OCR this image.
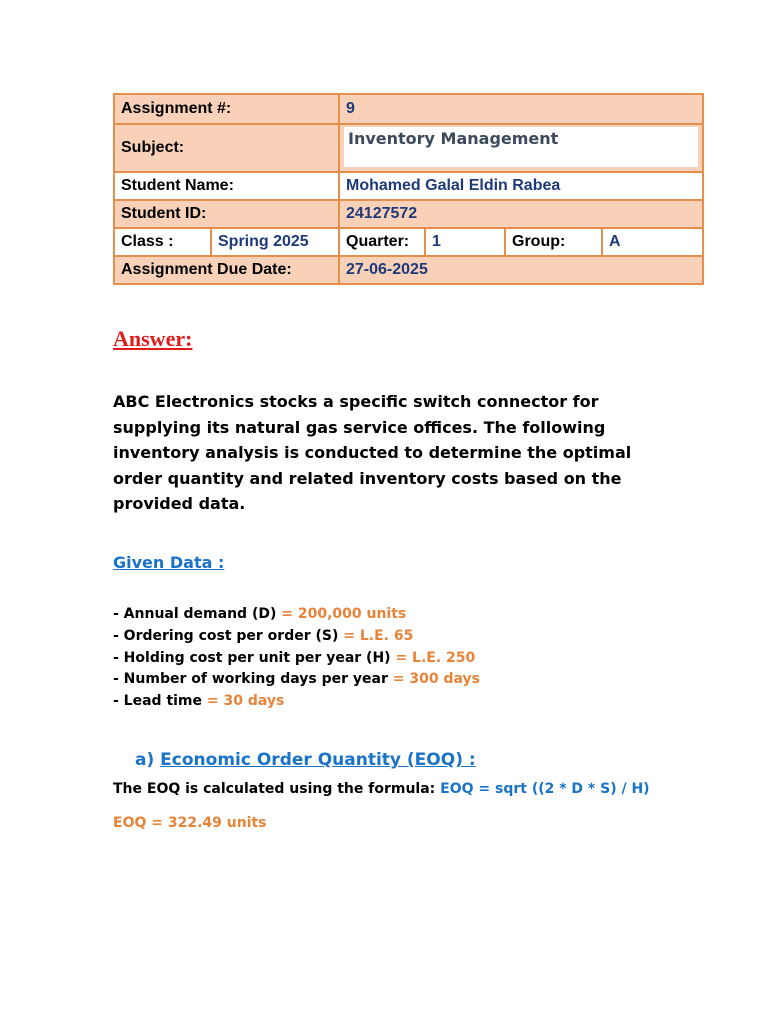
Assignment #:		9			
Subject:		Inventory Management			

Student Name:		Mohamed Galal Eldin Rabea			
Student ID:		24127572			
Class :	Spring 2025	Quarter:	1	Group:	A
Assignment Due Date:		27-06-2025			
Answer:

ABC Electronics stocks a specific switch connector for supplying its natural gas service offices. The following inventory analysis is conducted to determine the optimal order quantity and related inventory costs based on the provided data.

Given Data :
- Annual demand (D) = 200,000 units
- Ordering cost per order (S) = L.E. 65
- Holding cost per unit per year (H) = L.E. 250
- Number of working days per year = 300 days
- Lead time = 30 days
a) Economic Order Quantity (EOQ) :
The EOQ is calculated using the formula: EOQ = sqrt ((2 * D * S) / H)
EOQ = 322.49 units
